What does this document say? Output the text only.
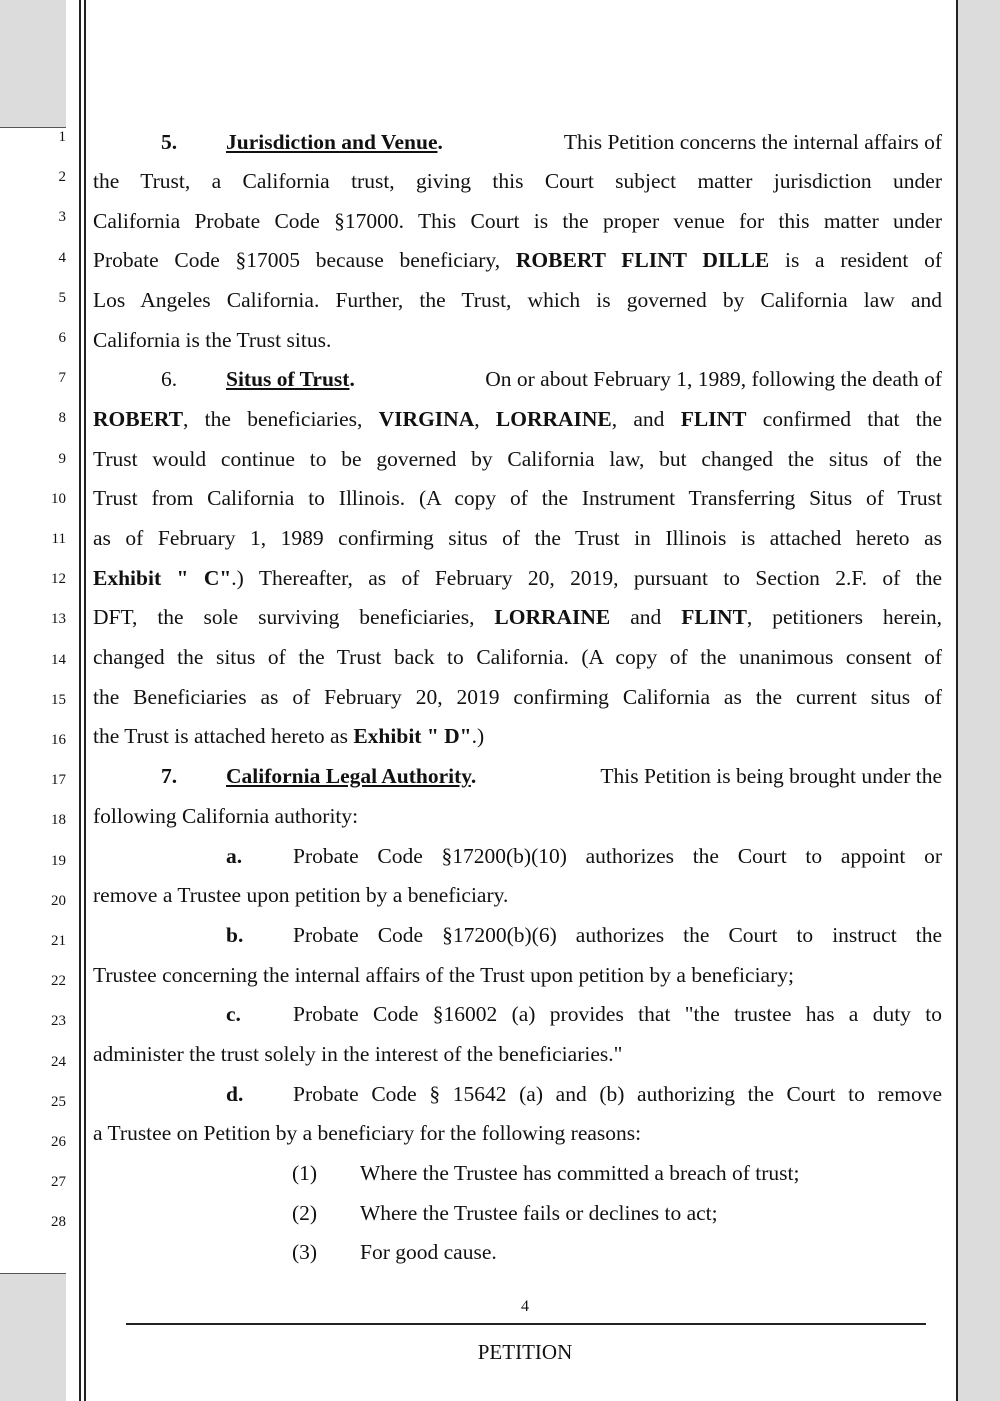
1
2
3
4
5
6
7
8
9
10
11
12
13
14
15
16
17
18
19
20
21
22
23
24
25
26
27
28
5. Jurisdiction and Venue.	This Petition concerns the internal affairs of
the Trust, a California trust, giving this Court subject matter jurisdiction under
California Probate Code §17000. This Court is the proper venue for this matter under
Probate Code §17005 because beneficiary, ROBERT FLINT DILLE is a resident of
Los Angeles California. Further, the Trust, which is governed by California law and
California is the Trust situs.
6. Situs of Trust.	On or about February 1, 1989, following the death of
ROBERT, the beneficiaries, VIRGINA, LORRAINE, and FLINT confirmed that the
Trust would continue to be governed by California law, but changed the situs of the
Trust from California to Illinois. (A copy of the Instrument Transferring Situs of Trust
as of February 1, 1989 confirming situs of the Trust in Illinois is attached hereto as
Exhibit " C".) Thereafter, as of February 20, 2019, pursuant to Section 2.F. of the
DFT, the sole surviving beneficiaries, LORRAINE and FLINT, petitioners herein,
changed the situs of the Trust back to California. (A copy of the unanimous consent of
the Beneficiaries as of February 20, 2019 confirming California as the current situs of
the Trust is attached hereto as Exhibit " D".)
7. California Legal Authority.	This Petition is being brought under the
following California authority:
a. Probate Code §17200(b)(10) authorizes the Court to appoint or
remove a Trustee upon petition by a beneficiary.
b. Probate Code §17200(b)(6) authorizes the Court to instruct the
Trustee concerning the internal affairs of the Trust upon petition by a beneficiary;
c. Probate Code §16002 (a) provides that "the trustee has a duty to
administer the trust solely in the interest of the beneficiaries."
d. Probate Code § 15642 (a) and (b) authorizing the Court to remove
a Trustee on Petition by a beneficiary for the following reasons:
(1) Where the Trustee has committed a breach of trust;
(2) Where the Trustee fails or declines to act;
(3) For good cause.
4
PETITION
